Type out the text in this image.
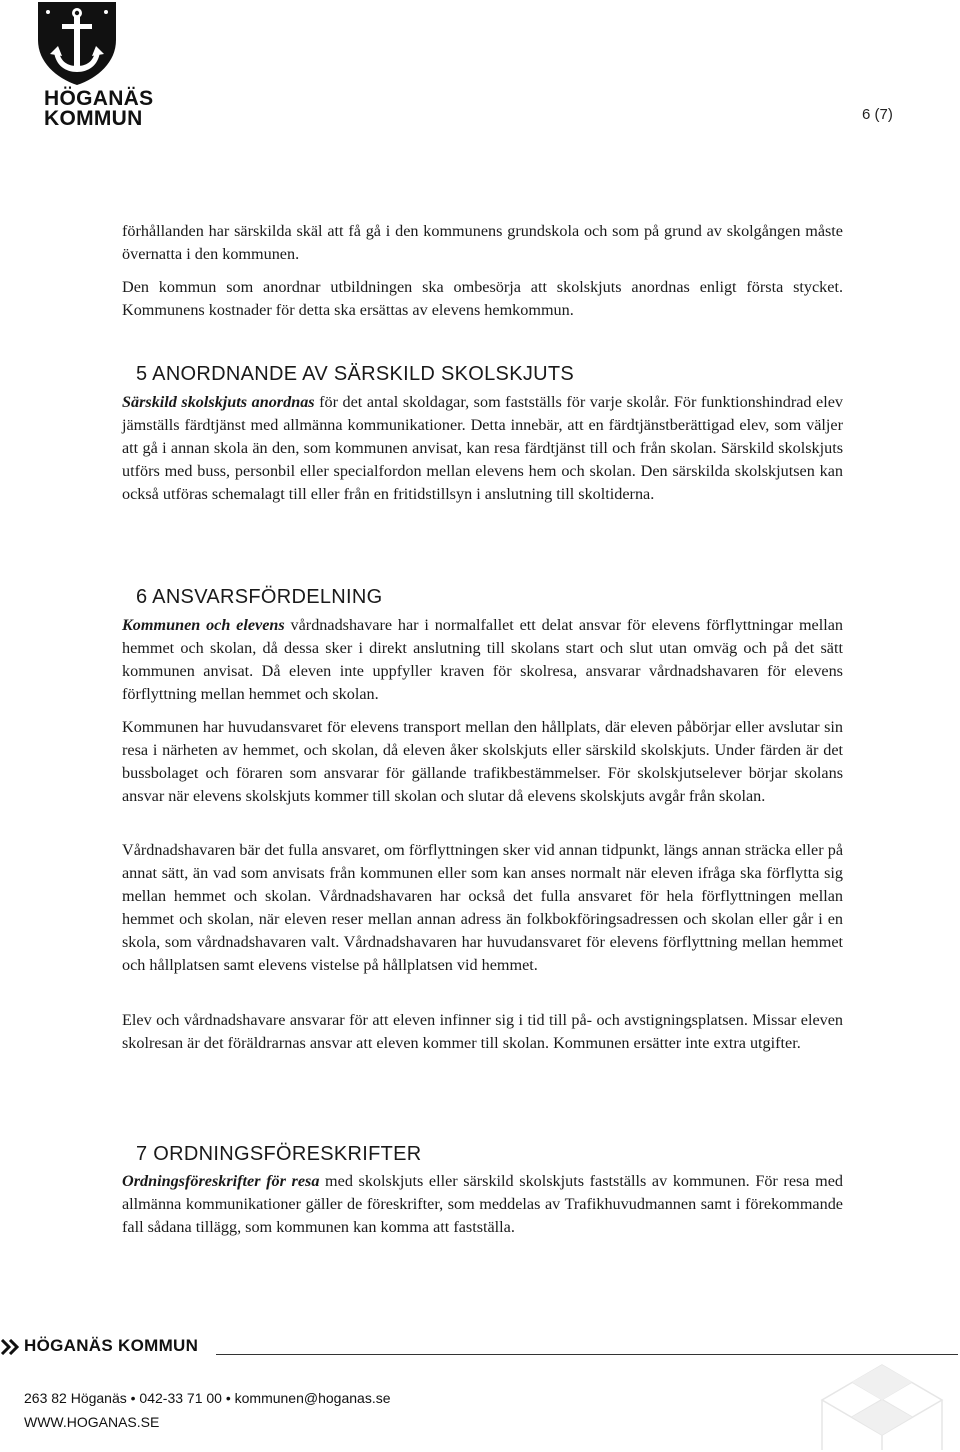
HÖGANÄS
KOMMUN	6 (7)

förhållanden har särskilda skäl att få gå i den kommunens grundskola och som på grund av skolgången måste övernatta i den kommunen.

Den kommun som anordnar utbildningen ska ombesörja att skolskjuts anordnas enligt första stycket. Kommunens kostnader för detta ska ersättas av elevens hemkommun.

5 ANORDNANDE AV SÄRSKILD SKOLSKJUTS

Särskild skolskjuts anordnas för det antal skoldagar, som fastställs för varje skolår. För funktionshindrad elev jämställs färdtjänst med allmänna kommunikationer. Detta innebär, att en färdtjänstberättigad elev, som väljer att gå i annan skola än den, som kommunen anvisat, kan resa färdtjänst till och från skolan. Särskild skolskjuts utförs med buss, personbil eller specialfordon mellan elevens hem och skolan. Den särskilda skolskjutsen kan också utföras schemalagt till eller från en fritidstillsyn i anslutning till skoltiderna.

6 ANSVARSFÖRDELNING

Kommunen och elevens vårdnadshavare har i normalfallet ett delat ansvar för elevens förflyttningar mellan hemmet och skolan, då dessa sker i direkt anslutning till skolans start och slut utan omväg och på det sätt kommunen anvisat. Då eleven inte uppfyller kraven för skolresa, ansvarar vårdnadshavaren för elevens förflyttning mellan hemmet och skolan.

Kommunen har huvudansvaret för elevens transport mellan den hållplats, där eleven påbörjar eller avslutar sin resa i närheten av hemmet, och skolan, då eleven åker skolskjuts eller särskild skolskjuts. Under färden är det bussbolaget och föraren som ansvarar för gällande trafikbestämmelser. För skolskjutselever börjar skolans ansvar när elevens skolskjuts kommer till skolan och slutar då elevens skolskjuts avgår från skolan.

Vårdnadshavaren bär det fulla ansvaret, om förflyttningen sker vid annan tidpunkt, längs annan sträcka eller på annat sätt, än vad som anvisats från kommunen eller som kan anses normalt när eleven ifråga ska förflytta sig mellan hemmet och skolan. Vårdnadshavaren har också det fulla ansvaret för hela förflyttningen mellan hemmet och skolan, när eleven reser mellan annan adress än folkbokföringsadressen och skolan eller går i en skola, som vårdnadshavaren valt. Vårdnadshavaren har huvudansvaret för elevens förflyttning mellan hemmet och hållplatsen samt elevens vistelse på hållplatsen vid hemmet.

Elev och vårdnadshavare ansvarar för att eleven infinner sig i tid till på- och avstigningsplatsen. Missar eleven skolresan är det föräldrarnas ansvar att eleven kommer till skolan. Kommunen ersätter inte extra utgifter.

7 ORDNINGSFÖRESKRIFTER

Ordningsföreskrifter för resa med skolskjuts eller särskild skolskjuts fastställs av kommunen. För resa med allmänna kommunikationer gäller de föreskrifter, som meddelas av Trafikhuvudmannen samt i förekommande fall sådana tillägg, som kommunen kan komma att fastställa.

HÖGANÄS KOMMUN
263 82 Höganäs • 042-33 71 00 • kommunen@hoganas.se
WWW.HOGANAS.SE
